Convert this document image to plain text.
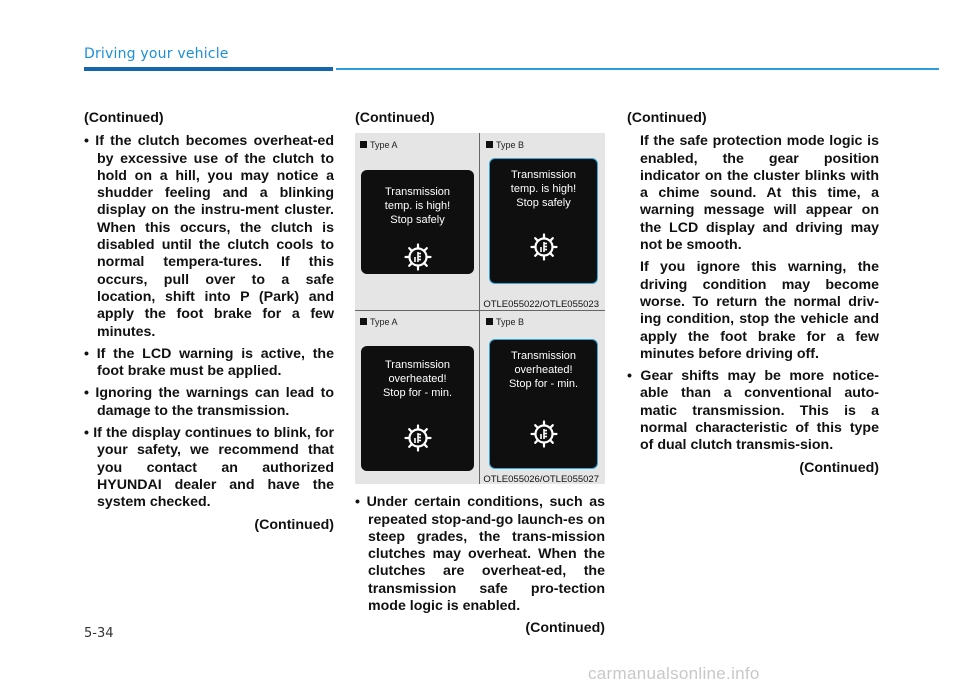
Driving your vehicle

(Continued)

• If the clutch becomes overheat-ed by excessive use of the clutch to hold on a hill, you may notice a shudder feeling and a blinking display on the instru-ment cluster. When this occurs, the clutch is disabled until the clutch cools to normal tempera-tures. If this occurs, pull over to a safe location, shift into P (Park) and apply the foot brake for a few minutes.

• If the LCD warning is active, the foot brake must be applied.

• Ignoring the warnings can lead to damage to the transmission.

• If the display continues to blink, for your safety, we recommend that you contact an authorized HYUNDAI dealer and have the system checked.

(Continued)

(Continued)

Type A	Type B
Transmission
temp. is high!
Stop safely
Transmission
temp. is high!
Stop safely
OTLE055022/OTLE055023
Type A	Type B
Transmission
overheated!
Stop for - min.
Transmission
overheated!
Stop for - min.
OTLE055026/OTLE055027

• Under certain conditions, such as repeated stop-and-go launch-es on steep grades, the trans-mission clutches may overheat. When the clutches are overheat-ed, the transmission safe pro-tection mode logic is enabled.

(Continued)

(Continued)

If the safe protection mode logic is enabled, the gear position indicator on the cluster blinks with a chime sound. At this time, a warning message will appear on the LCD display and driving may not be smooth.

If you ignore this warning, the driving condition may become worse. To return the normal driv-ing condition, stop the vehicle and apply the foot brake for a few minutes before driving off.

• Gear shifts may be more notice-able than a conventional auto-matic transmission. This is a normal characteristic of this type of dual clutch transmis-sion.

(Continued)

5-34
carmanualsonline.info
